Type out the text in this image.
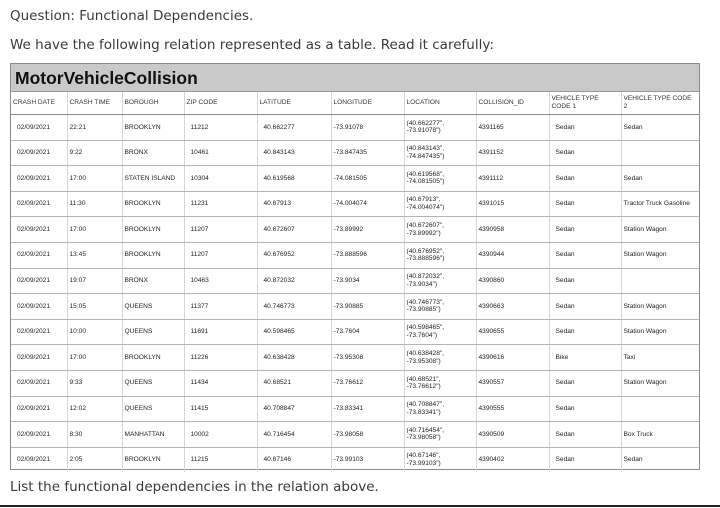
Question: Functional Dependencies.
We have the following relation represented as a table. Read it carefully:
MotorVehicleCollision
CRASH DATE	CRASH TIME	BOROUGH	ZIP CODE	LATITUDE	LONGITUDE	LOCATION	COLLISION_ID	VEHICLE TYPE CODE 1	VEHICLE TYPE CODE 2
02/09/2021	22:21	BROOKLYN	11212	40.662277	-73.91078	(40.662277", -73.91078")	4391165	Sedan	Sedan
02/09/2021	9:22	BRONX	10461	40.843143	-73.847435	(40.843143", -74.847435")	4391152	Sedan	
02/09/2021	17:00	STATEN ISLAND	10304	40.619568	-74.081505	(40.619568", -74.081505")	4391112	Sedan	Sedan
02/09/2021	11:30	BROOKLYN	11231	40.67913	-74.004074	(40.67913", -74.004074")	4391015	Sedan	Tractor Truck Gasoline
02/09/2021	17:00	BROOKLYN	11207	40.672607	-73.89992	(40.672607", -73.89992")	4390958	Sedan	Station Wagon
02/09/2021	13:45	BROOKLYN	11207	40.676952	-73.888596	(40.676952", -73.888596")	4390944	Sedan	Station Wagon
02/09/2021	19:07	BRONX	10463	40.872032	-73.9034	(40.872032", -73.9034")	4390860	Sedan	
02/09/2021	15:05	QUEENS	11377	40.746773	-73.90885	(40.746773", -73.90885")	4390663	Sedan	Station Wagon
02/09/2021	10:00	QUEENS	11691	40.598465	-73.7604	(40.598465", -73.7604")	4390655	Sedan	Station Wagon
02/09/2021	17:00	BROOKLYN	11226	40.638428	-73.95308	(40.638428", -73.95308")	4390616	Bike	Taxi
02/09/2021	9:33	QUEENS	11434	40.68521	-73.76612	(40.68521", -73.76612")	4390557	Sedan	Station Wagon
02/09/2021	12:02	QUEENS	11415	40.708847	-73.83341	(40.708847", -73.83341")	4390555	Sedan	
02/09/2021	8:30	MANHATTAN	10002	40.716454	-73.98058	(40.716454", -73.98058")	4390509	Sedan	Box Truck
02/09/2021	2:05	BROOKLYN	11215	40.67146	-73.99103	(40.67146", -73.99103")	4390402	Sedan	Sedan
List the functional dependencies in the relation above.
